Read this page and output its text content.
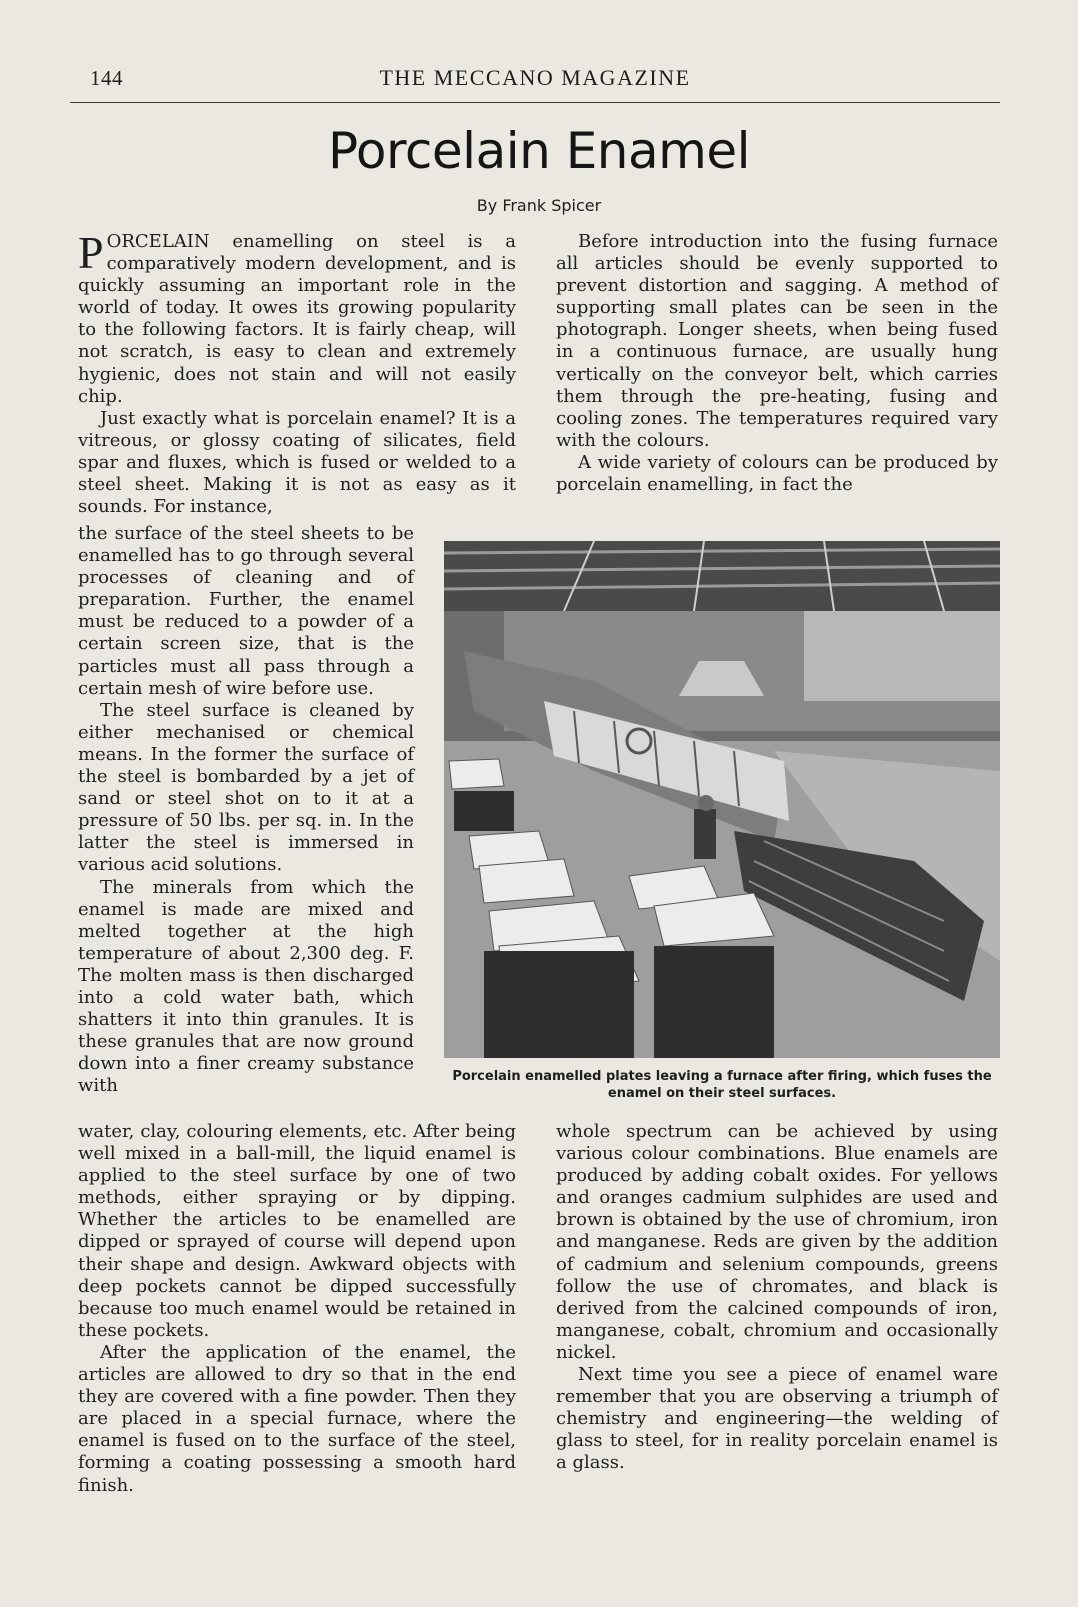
144	THE MECCANO MAGAZINE
Porcelain Enamel
By Frank Spicer

PORCELAIN enamelling on steel is a comparatively modern development, and is quickly assuming an important role in the world of today. It owes its growing popularity to the following factors. It is fairly cheap, will not scratch, is easy to clean and extremely hygienic, does not stain and will not easily chip.

Just exactly what is porcelain enamel? It is a vitreous, or glossy coating of silicates, field spar and fluxes, which is fused or welded to a steel sheet. Making it is not as easy as it sounds. For instance,

the surface of the steel sheets to be enamelled has to go through several processes of cleaning and of preparation. Further, the enamel must be reduced to a powder of a certain screen size, that is the particles must all pass through a certain mesh of wire before use.

The steel surface is cleaned by either mechanised or chemical means. In the former the surface of the steel is bombarded by a jet of sand or steel shot on to it at a pressure of 50 lbs. per sq. in. In the latter the steel is immersed in various acid solutions.

The minerals from which the enamel is made are mixed and melted together at the high temperature of about 2,300 deg. F. The molten mass is then discharged into a cold water bath, which shatters it into thin granules. It is these granules that are now ground down into a finer creamy substance with

water, clay, colouring elements, etc. After being well mixed in a ball-mill, the liquid enamel is applied to the steel surface by one of two methods, either spraying or by dipping. Whether the articles to be enamelled are dipped or sprayed of course will depend upon their shape and design. Awkward objects with deep pockets cannot be dipped successfully because too much enamel would be retained in these pockets.

After the application of the enamel, the articles are allowed to dry so that in the end they are covered with a fine powder. Then they are placed in a special furnace, where the enamel is fused on to the surface of the steel, forming a coating possessing a smooth hard finish.

Before introduction into the fusing furnace all articles should be evenly supported to prevent distortion and sagging. A method of supporting small plates can be seen in the photograph. Longer sheets, when being fused in a continuous furnace, are usually hung vertically on the conveyor belt, which carries them through the pre-heating, fusing and cooling zones. The temperatures required vary with the colours.

A wide variety of colours can be produced by porcelain enamelling, in fact the

Porcelain enamelled plates leaving a furnace after firing, which fuses the enamel on their steel surfaces.

whole spectrum can be achieved by using various colour combinations. Blue enamels are produced by adding cobalt oxides. For yellows and oranges cadmium sulphides are used and brown is obtained by the use of chromium, iron and manganese. Reds are given by the addition of cadmium and selenium compounds, greens follow the use of chromates, and black is derived from the calcined compounds of iron, manganese, cobalt, chromium and occasionally nickel.

Next time you see a piece of enamel ware remember that you are observing a triumph of chemistry and engineering—the welding of glass to steel, for in reality porcelain enamel is a glass.
